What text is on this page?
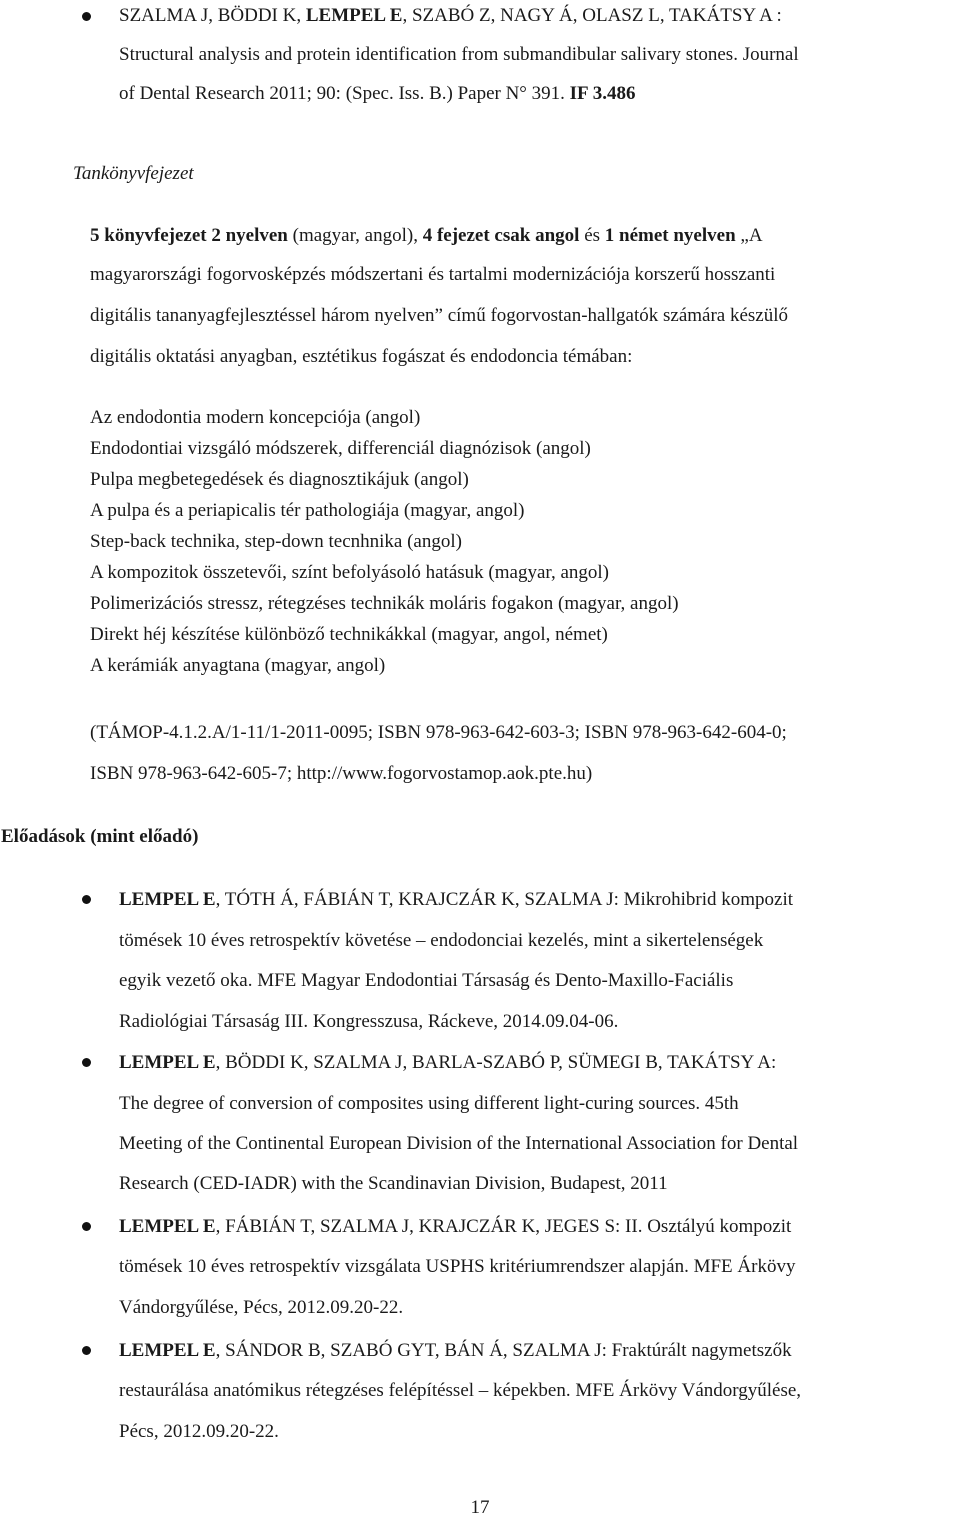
SZALMA J, BÖDDI K, LEMPEL E, SZABÓ Z, NAGY Á, OLASZ L, TAKÁTSY A :
Structural analysis and protein identification from submandibular salivary stones. Journal
of Dental Research 2011; 90: (Spec. Iss. B.) Paper N° 391. IF 3.486
Tankönyvfejezet
5 könyvfejezet 2 nyelven (magyar, angol), 4 fejezet csak angol és 1 német nyelven „A
magyarországi fogorvosképzés módszertani és tartalmi modernizációja korszerű hosszanti
digitális tananyagfejlesztéssel három nyelven” című fogorvostan-hallgatók számára készülő
digitális oktatási anyagban, esztétikus fogászat és endodoncia témában:
Az endodontia modern koncepciója (angol)
Endodontiai vizsgáló módszerek, differenciál diagnózisok (angol)
Pulpa megbetegedések és diagnosztikájuk (angol)
A pulpa és a periapicalis tér pathologiája (magyar, angol)
Step-back technika, step-down tecnhnika (angol)
A kompozitok összetevői, színt befolyásoló hatásuk (magyar, angol)
Polimerizációs stressz, rétegzéses technikák moláris fogakon (magyar, angol)
Direkt héj készítése különböző technikákkal (magyar, angol, német)
A kerámiák anyagtana (magyar, angol)
(TÁMOP-4.1.2.A/1-11/1-2011-0095; ISBN 978-963-642-603-3; ISBN 978-963-642-604-0;
ISBN 978-963-642-605-7; http://www.fogorvostamop.aok.pte.hu)
Előadások (mint előadó)
LEMPEL E, TÓTH Á, FÁBIÁN T, KRAJCZÁR K, SZALMA J: Mikrohibrid kompozit
tömések 10 éves retrospektív követése – endodonciai kezelés, mint a sikertelenségek
egyik vezető oka. MFE Magyar Endodontiai Társaság és Dento-Maxillo-Faciális
Radiológiai Társaság III. Kongresszusa, Ráckeve, 2014.09.04-06.
LEMPEL E, BÖDDI K, SZALMA J, BARLA-SZABÓ P, SÜMEGI B, TAKÁTSY A:
The degree of conversion of composites using different light-curing sources. 45th
Meeting of the Continental European Division of the International Association for Dental
Research (CED-IADR) with the Scandinavian Division, Budapest, 2011
LEMPEL E, FÁBIÁN T, SZALMA J, KRAJCZÁR K, JEGES S: II. Osztályú kompozit
tömések 10 éves retrospektív vizsgálata USPHS kritériumrendszer alapján. MFE Árkövy
Vándorgyűlése, Pécs, 2012.09.20-22.
LEMPEL E, SÁNDOR B, SZABÓ GYT, BÁN Á, SZALMA J: Fraktúrált nagymetszők
restaurálása anatómikus rétegzéses felépítéssel – képekben. MFE Árkövy Vándorgyűlése,
Pécs, 2012.09.20-22.
17
